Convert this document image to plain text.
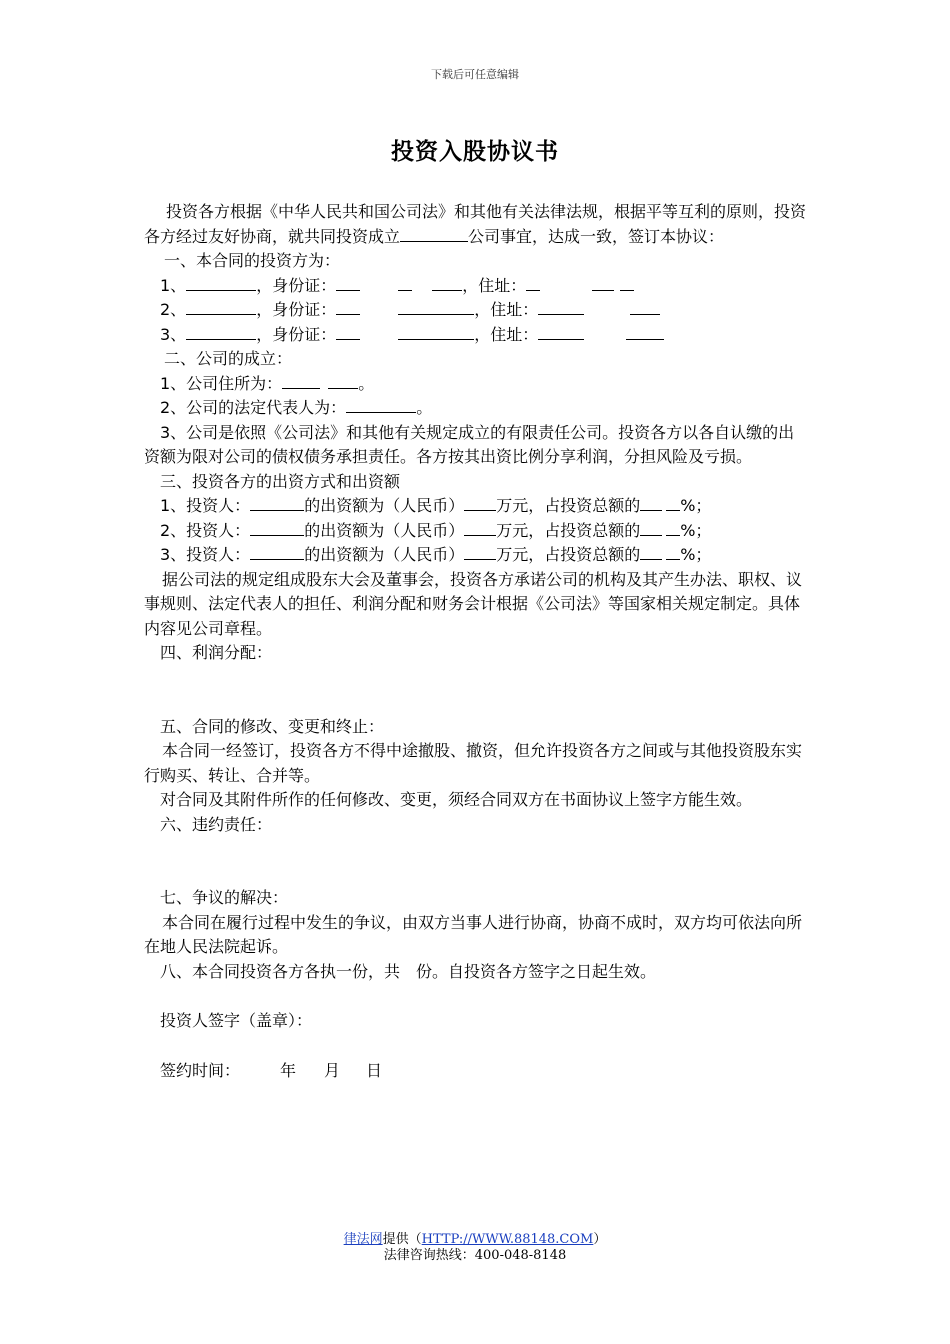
下载后可任意编辑
投资入股协议书
投资各方根据《中华人民共和国公司法》和其他有关法律法规，根据平等互利的原则，投资各方经过友好协商，就共同投资成立	公司事宜，达成一致，签订本协议：
一、本合同的投资方为：
1、	，身份证：	，住址：
2、	，身份证：	，住址：
3、	，身份证：	，住址：
二、公司的成立：
1、公司住所为：	。
2、公司的法定代表人为：	。
3、公司是依照《公司法》和其他有关规定成立的有限责任公司。投资各方以各自认缴的出资额为限对公司的债权债务承担责任。各方按其出资比例分享利润，分担风险及亏损。
三、投资各方的出资方式和出资额
1、投资人：	的出资额为（人民币） 万元，占投资总额的	%；
2、投资人：	的出资额为（人民币） 万元，占投资总额的	%；
3、投资人：	的出资额为（人民币） 万元，占投资总额的	%；
据公司法的规定组成股东大会及董事会，投资各方承诺公司的机构及其产生办法、职权、议事规则、法定代表人的担任、利润分配和财务会计根据《公司法》等国家相关规定制定。具体内容见公司章程。
四、利润分配：
五、合同的修改、变更和终止：
本合同一经签订，投资各方不得中途撤股、撤资，但允许投资各方之间或与其他投资股东实行购买、转让、合并等。
对合同及其附件所作的任何修改、变更，须经合同双方在书面协议上签字方能生效。
六、违约责任：
七、争议的解决：
本合同在履行过程中发生的争议，由双方当事人进行协商，协商不成时，双方均可依法向所在地人民法院起诉。
八、本合同投资各方各执一份，共 份。自投资各方签字之日起生效。
投资人签字（盖章）：
签约时间：	年 月 日
律法网提供（HTTP://WWW.88148.COM）
法律咨询热线：400-048-8148
